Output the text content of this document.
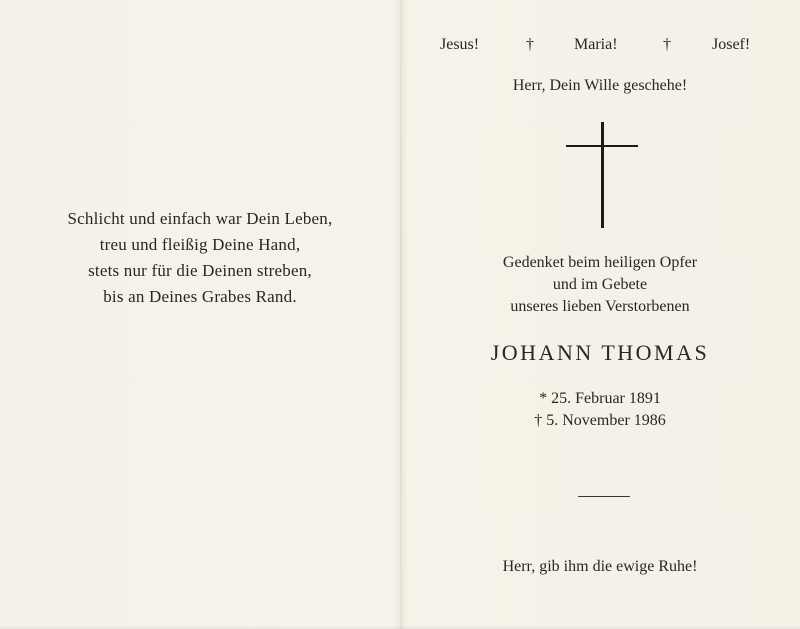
Schlicht und einfach war Dein Leben,
treu und fleißig Deine Hand,
stets nur für die Deinen streben,
bis an Deines Grabes Rand.
Jesus!	†	Maria!	†	Josef!
Herr, Dein Wille geschehe!
Gedenket beim heiligen Opfer
und im Gebete
unseres lieben Verstorbenen
JOHANN THOMAS
* 25. Februar 1891
† 5. November 1986
Herr, gib ihm die ewige Ruhe!
